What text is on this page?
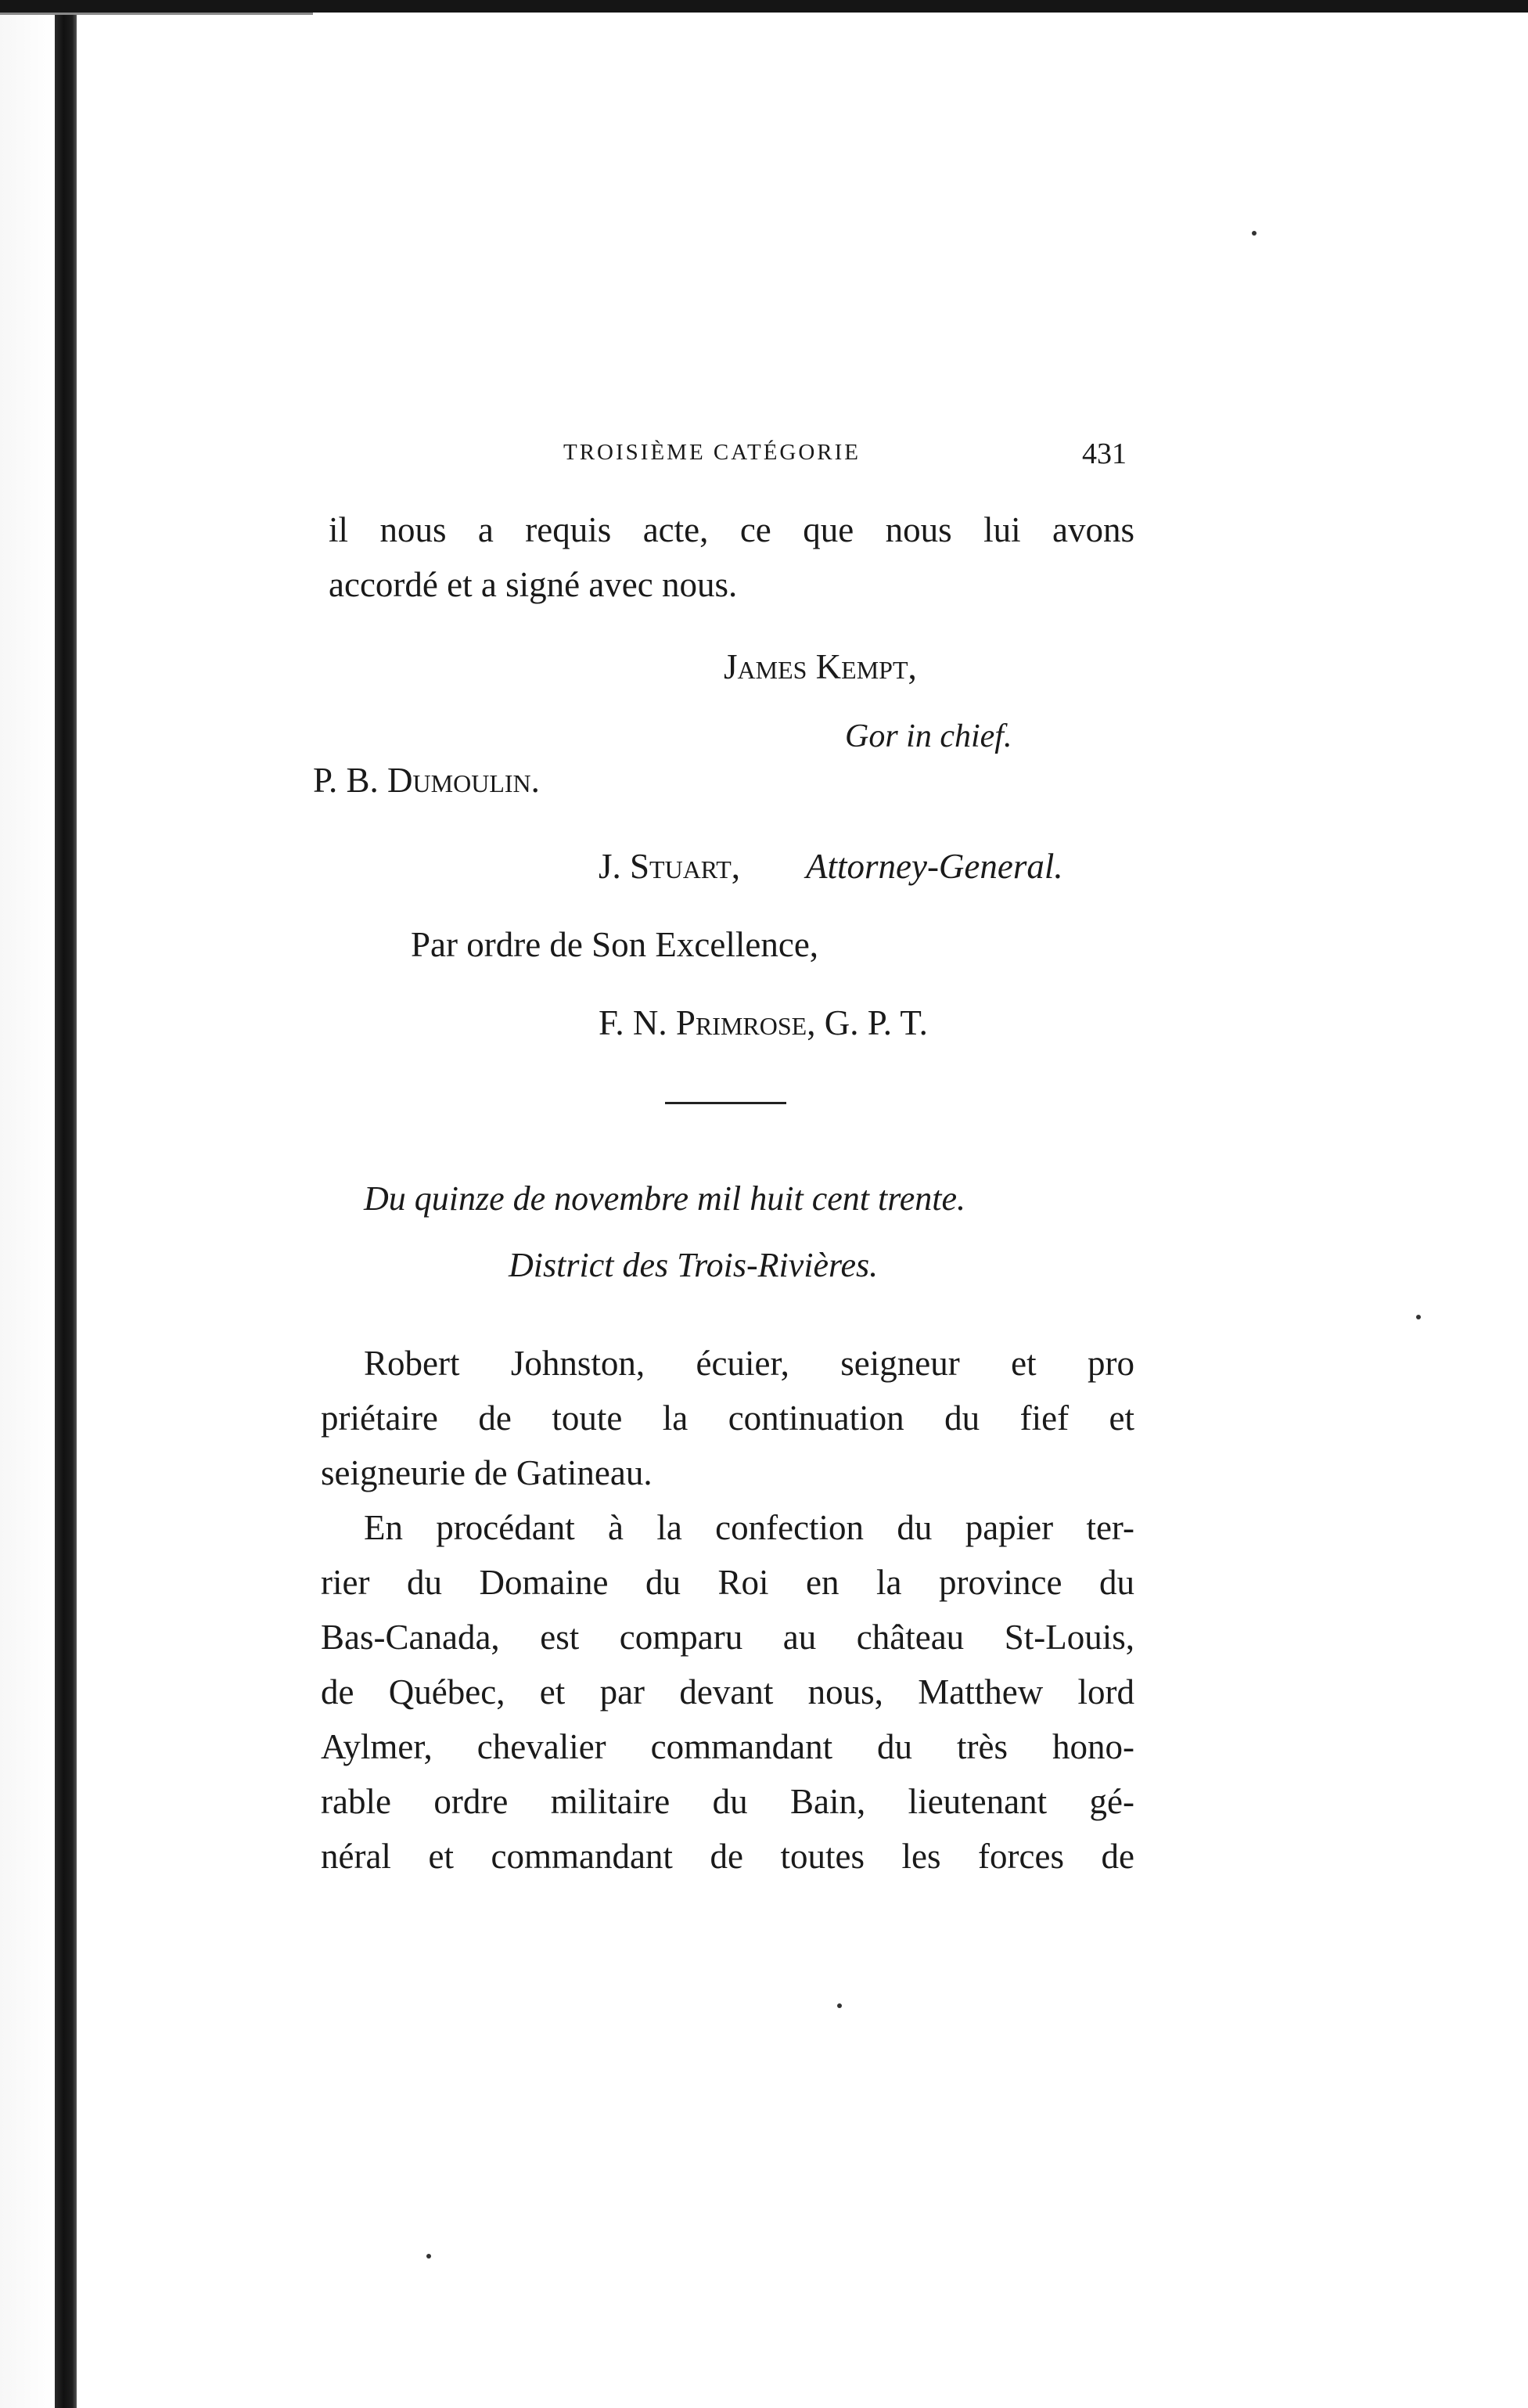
TROISIÈME CATÉGORIE	431
il nous a requis acte, ce que nous lui avons
accordé et a signé avec nous.
James Kempt,
Gor in chief.
P. B. Dumoulin.
J. Stuart, Attorney-General.
Par ordre de Son Excellence,
F. N. Primrose, G. P. T.
Du quinze de novembre mil huit cent trente.
District des Trois-Rivières.
Robert Johnston, écuier, seigneur et pro
priétaire de toute la continuation du fief et
seigneurie de Gatineau.
En procédant à la confection du papier ter-
rier du Domaine du Roi en la province du
Bas-Canada, est comparu au château St-Louis,
de Québec, et par devant nous, Matthew lord
Aylmer, chevalier commandant du très hono-
rable ordre militaire du Bain, lieutenant gé-
néral et commandant de toutes les forces de
